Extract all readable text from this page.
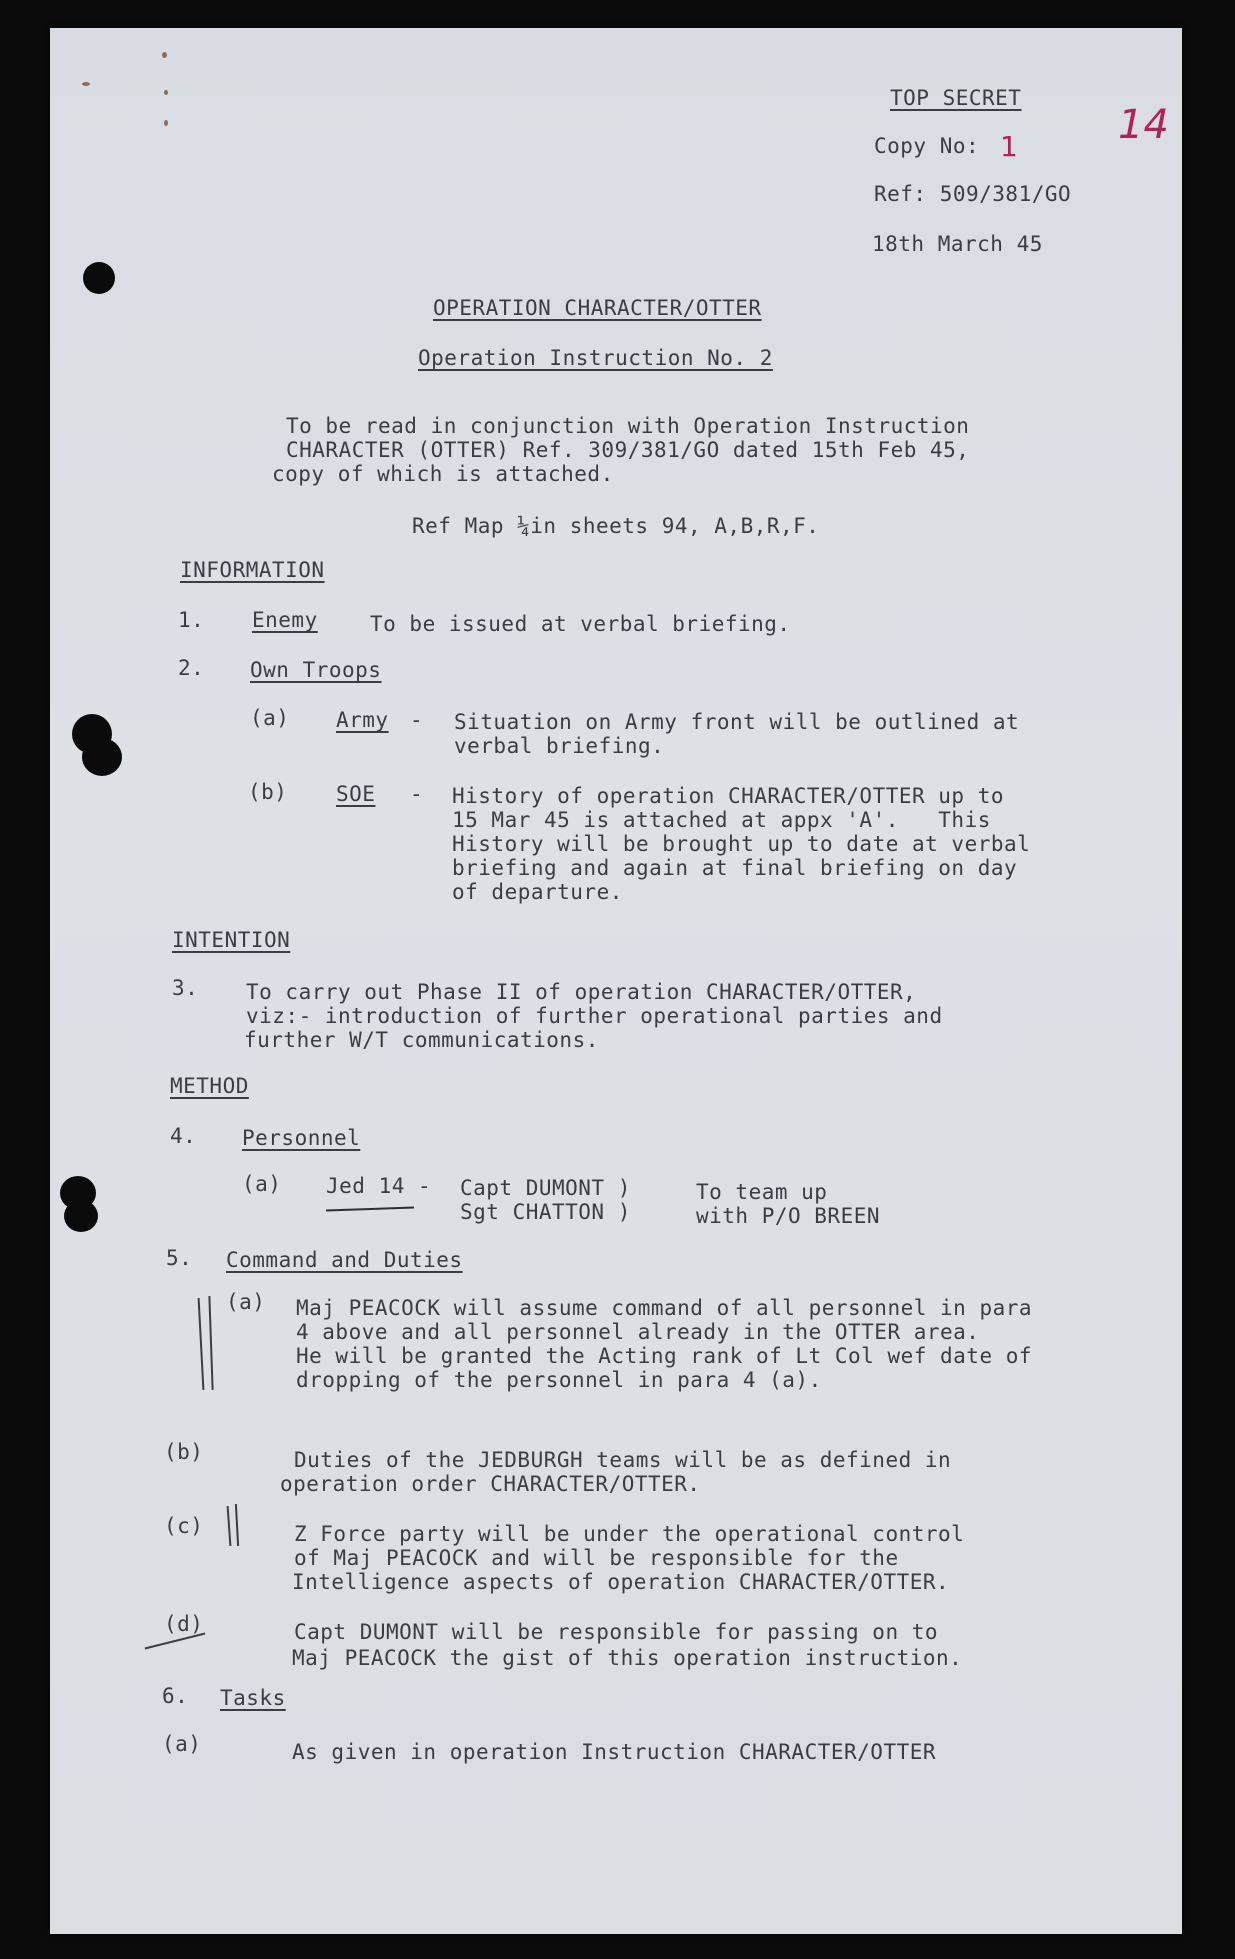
TOP SECRET
Copy No: 1
Ref: 509/381/GO
18th March 45
14
OPERATION CHARACTER/OTTER
Operation Instruction No. 2
To be read in conjunction with Operation Instruction
CHARACTER (OTTER) Ref. 309/381/GO dated 15th Feb 45,
copy of which is attached.
Ref Map ¼in sheets 94, A,B,R,F.
INFORMATION
1. Enemy To be issued at verbal briefing.
2. Own Troops
(a) Army - Situation on Army front will be outlined at
verbal briefing.
(b) SOE - History of operation CHARACTER/OTTER up to
15 Mar 45 is attached at appx 'A'.   This
History will be brought up to date at verbal
briefing and again at final briefing on day
of departure.
INTENTION
3. To carry out Phase II of operation CHARACTER/OTTER,
viz:- introduction of further operational parties and
further W/T communications.
METHOD
4. Personnel
(a) Jed 14 - Capt DUMONT )
Sgt CHATTON )
To team up
with P/O BREEN
5. Command and Duties
(a) Maj PEACOCK will assume command of all personnel in para
4 above and all personnel already in the OTTER area.
He will be granted the Acting rank of Lt Col wef date of
dropping of the personnel in para 4 (a).
(b)	Duties of the JEDBURGH teams will be as defined in
operation order CHARACTER/OTTER.
(c)	Z Force party will be under the operational control
of Maj PEACOCK and will be responsible for the
Intelligence aspects of operation CHARACTER/OTTER.
(d)	Capt DUMONT will be responsible for passing on to
Maj PEACOCK the gist of this operation instruction.
6. Tasks
(a)	As given in operation Instruction CHARACTER/OTTER
